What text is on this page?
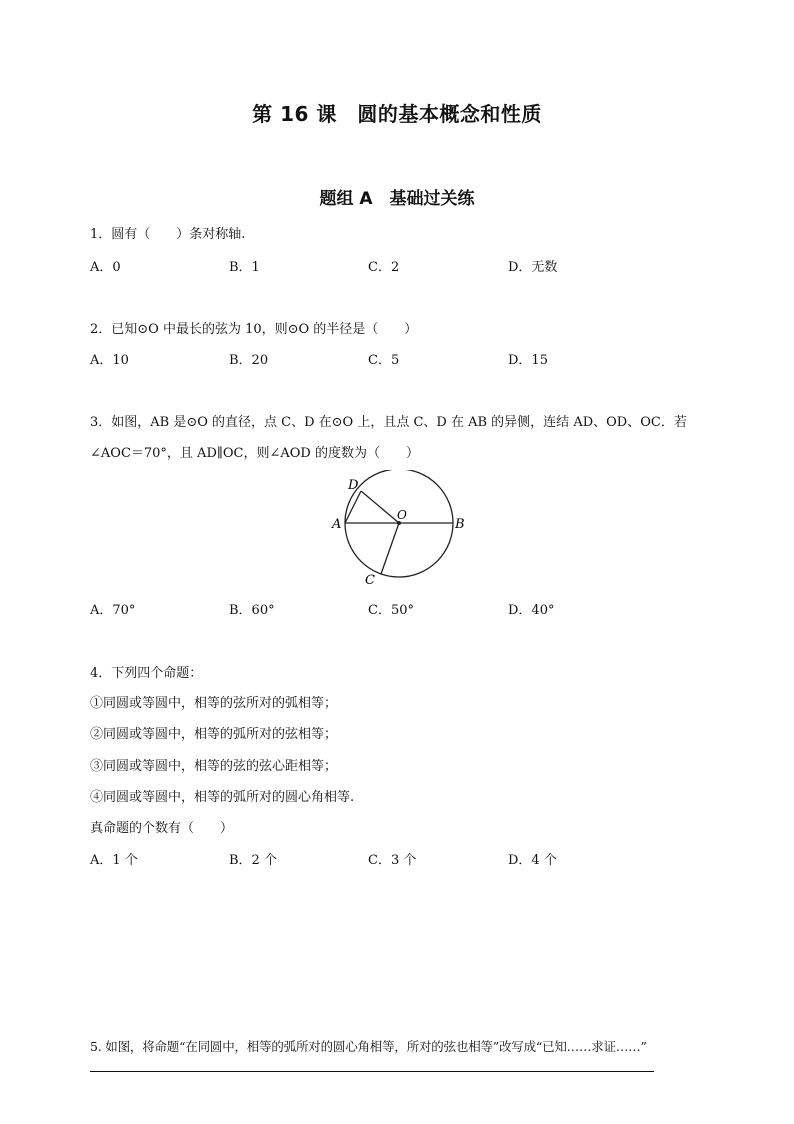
第 16 课　圆的基本概念和性质
题组 A　基础过关练
1．圆有（　　）条对称轴.
A．0	B．1	C．2	D．无数
2．已知⊙O 中最长的弦为 10，则⊙O 的半径是（　　）
A．10	B．20	C．5	D．15
3．如图，AB 是⊙O 的直径，点 C、D 在⊙O 上，且点 C、D 在 AB 的异侧，连结 AD、OD、OC．若
∠AOC＝70°，且 AD∥OC，则∠AOD 的度数为（　　）
A	B
C
D
O
A．70°	B．60°	C．50°	D．40°
4．下列四个命题：
①同圆或等圆中，相等的弦所对的弧相等；
②同圆或等圆中，相等的弧所对的弦相等；
③同圆或等圆中，相等的弦的弦心距相等；
④同圆或等圆中，相等的弧所对的圆心角相等.
真命题的个数有（　　）
A．1 个	B．2 个	C．3 个	D．4 个
5. 如图，将命题“在同圆中，相等的弧所对的圆心角相等，所对的弦也相等”改写成“已知……求证……”
